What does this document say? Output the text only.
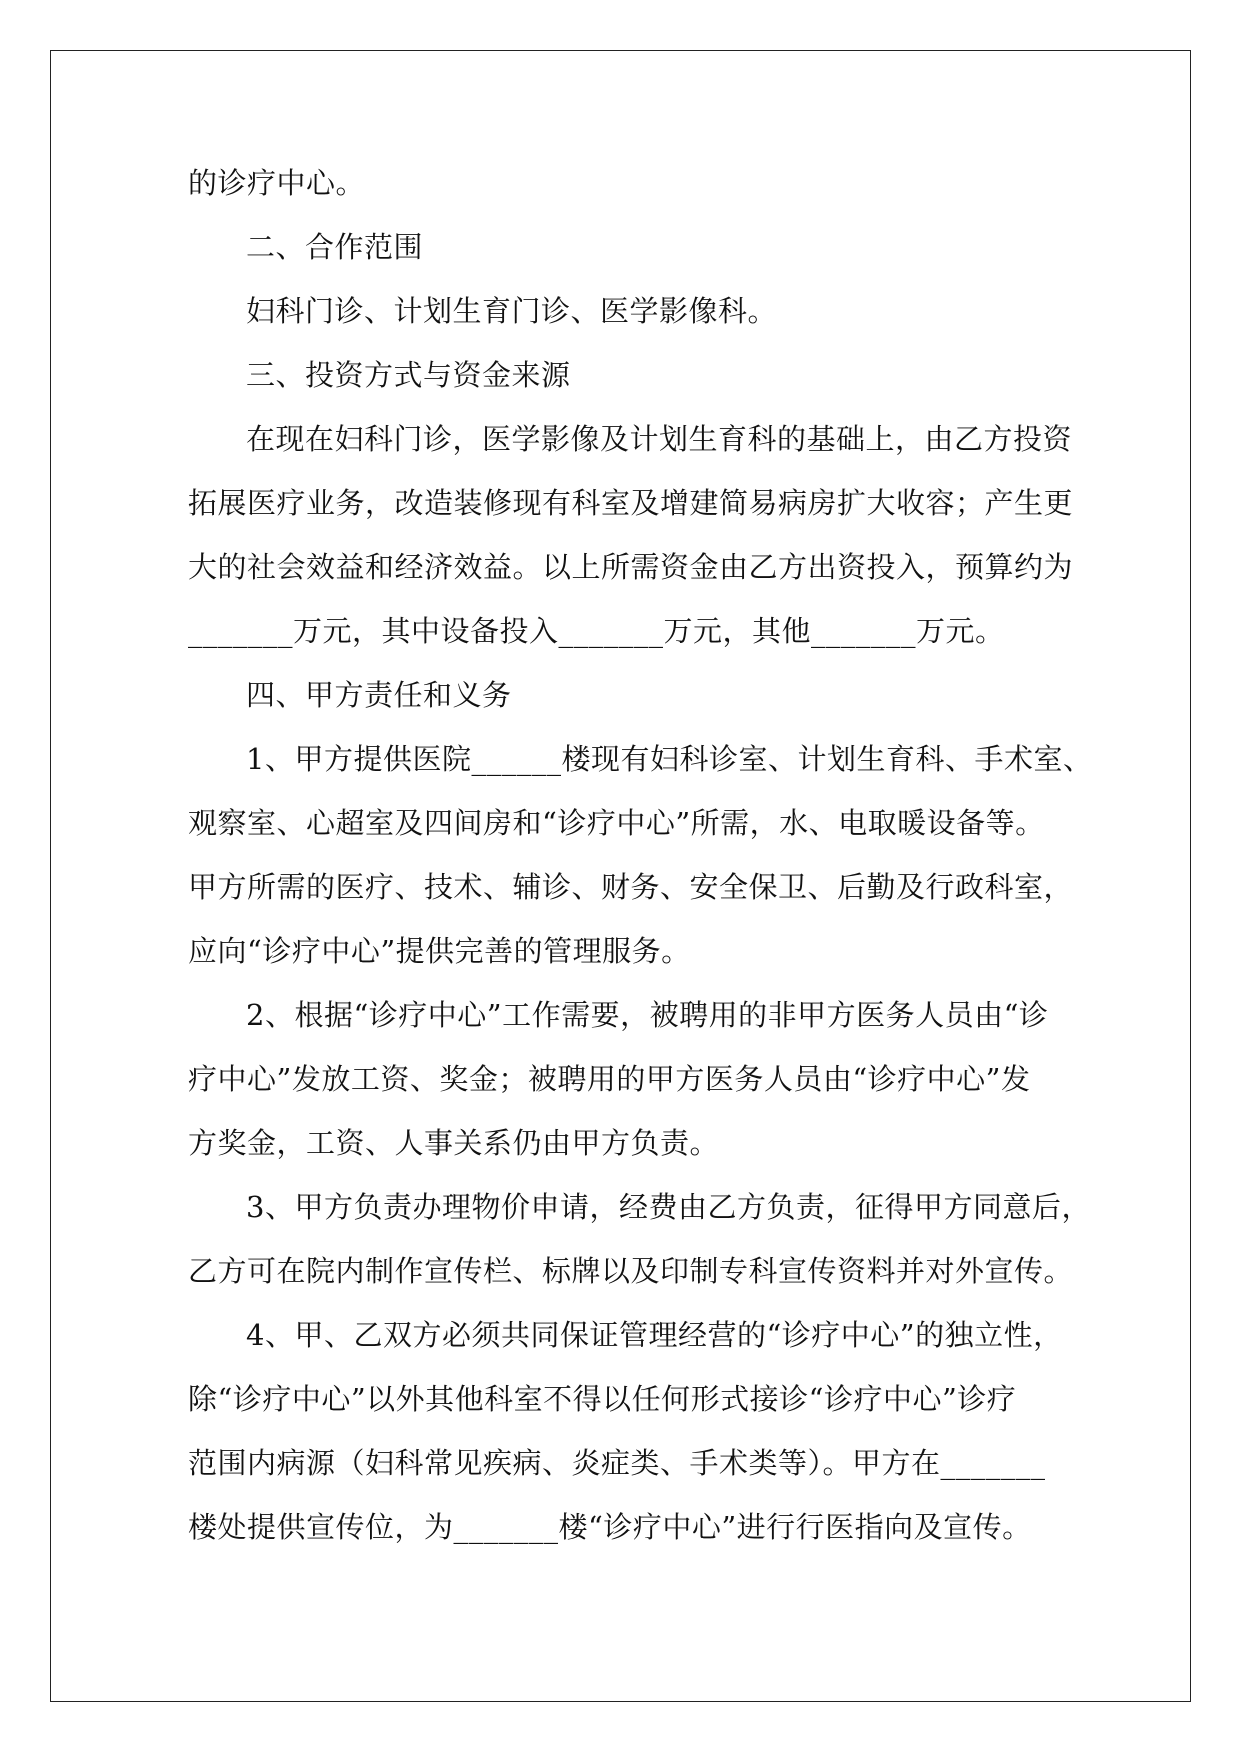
的诊疗中心。
二、合作范围
妇科门诊、计划生育门诊、医学影像科。
三、投资方式与资金来源
在现在妇科门诊，医学影像及计划生育科的基础上，由乙方投资
拓展医疗业务，改造装修现有科室及增建简易病房扩大收容；产生更
大的社会效益和经济效益。以上所需资金由乙方出资投入，预算约为
_______万元，其中设备投入_______万元，其他_______万元。
四、甲方责任和义务
1、甲方提供医院______楼现有妇科诊室、计划生育科、手术室、
观察室、心超室及四间房和“诊疗中心”所需，水、电取暖设备等。
甲方所需的医疗、技术、辅诊、财务、安全保卫、后勤及行政科室，
应向“诊疗中心”提供完善的管理服务。
2、根据“诊疗中心”工作需要，被聘用的非甲方医务人员由“诊
疗中心”发放工资、奖金；被聘用的甲方医务人员由“诊疗中心”发
方奖金，工资、人事关系仍由甲方负责。
3、甲方负责办理物价申请，经费由乙方负责，征得甲方同意后，
乙方可在院内制作宣传栏、标牌以及印制专科宣传资料并对外宣传。
4、甲、乙双方必须共同保证管理经营的“诊疗中心”的独立性，
除“诊疗中心”以外其他科室不得以任何形式接诊“诊疗中心”诊疗
范围内病源（妇科常见疾病、炎症类、手术类等）。甲方在_______
楼处提供宣传位，为_______楼“诊疗中心”进行行医指向及宣传。
